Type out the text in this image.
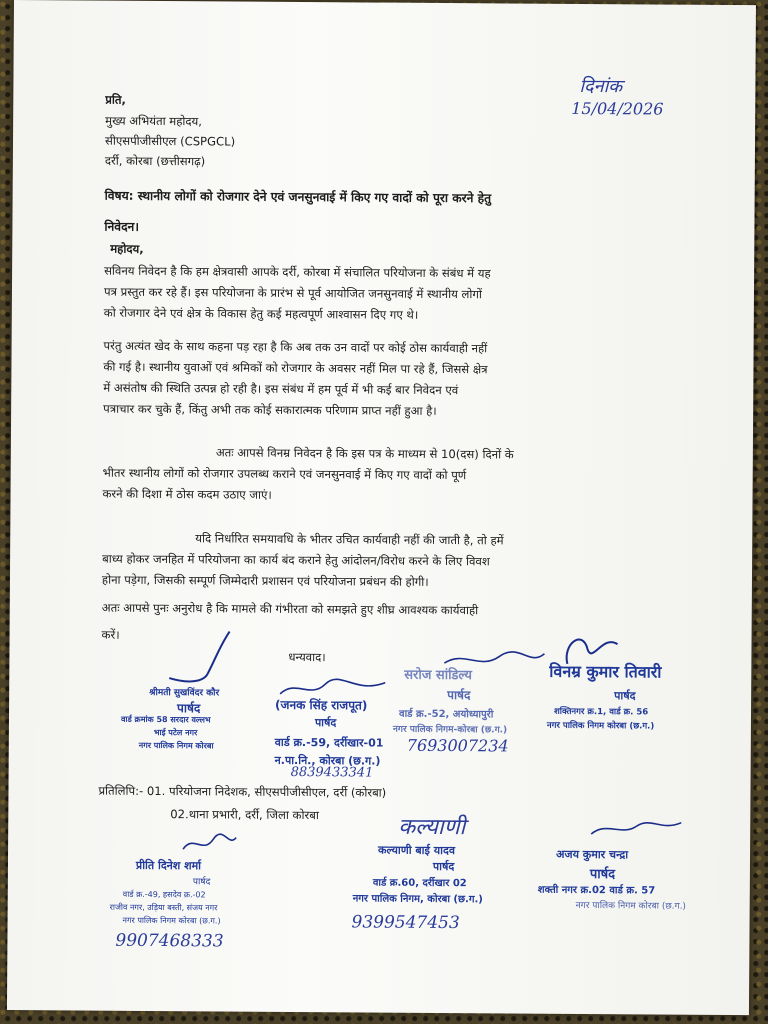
दिनांक
15/04/2026
प्रति,
मुख्य अभियंता महोदय,
सीएसपीजीसीएल (CSPGCL)
दर्री, कोरबा (छत्तीसगढ़)
विषय: स्थानीय लोगों को रोजगार देने एवं जनसुनवाई में किए गए वादों को पूरा करने हेतु
निवेदन।
महोदय,
सविनय निवेदन है कि हम क्षेत्रवासी आपके दर्री, कोरबा में संचालित परियोजना के संबंध में यह
पत्र प्रस्तुत कर रहे हैं। इस परियोजना के प्रारंभ से पूर्व आयोजित जनसुनवाई में स्थानीय लोगों
को रोजगार देने एवं क्षेत्र के विकास हेतु कई महत्वपूर्ण आश्वासन दिए गए थे।
परंतु अत्यंत खेद के साथ कहना पड़ रहा है कि अब तक उन वादों पर कोई ठोस कार्यवाही नहीं
की गई है। स्थानीय युवाओं एवं श्रमिकों को रोजगार के अवसर नहीं मिल पा रहे हैं, जिससे क्षेत्र
में असंतोष की स्थिति उत्पन्न हो रही है। इस संबंध में हम पूर्व में भी कई बार निवेदन एवं
पत्राचार कर चुके हैं, किंतु अभी तक कोई सकारात्मक परिणाम प्राप्त नहीं हुआ है।
अतः आपसे विनम्र निवेदन है कि इस पत्र के माध्यम से 10(दस) दिनों के
भीतर स्थानीय लोगों को रोजगार उपलब्ध कराने एवं जनसुनवाई में किए गए वादों को पूर्ण
करने की दिशा में ठोस कदम उठाए जाएं।
यदि निर्धारित समयावधि के भीतर उचित कार्यवाही नहीं की जाती है, तो हमें
बाध्य होकर जनहित में परियोजना का कार्य बंद कराने हेतु आंदोलन/विरोध करने के लिए विवश
होना पड़ेगा, जिसकी सम्पूर्ण जिम्मेदारी प्रशासन एवं परियोजना प्रबंधन की होगी।
अतः आपसे पुनः अनुरोध है कि मामले की गंभीरता को समझते हुए शीघ्र आवश्यक कार्यवाही
करें।
धन्यवाद।
श्रीमती सुखविंदर कौर
पार्षद
वार्ड क्रमांक 58 सरदार वल्लभ
भाई पटेल नगर
नगर पालिक निगम कोरबा
(जनक सिंह राजपूत)
पार्षद
वार्ड क्र.-59, दर्रीखार-01
न.पा.नि., कोरबा (छ.ग.)
8839433341
सरोज सांडिल्य
पार्षद
वार्ड क्र.-52, अयोध्यापुरी
नगर पालिक निगम-कोरबा (छ.ग.)
7693007234
विनम्र कुमार तिवारी
पार्षद
शक्तिनगर क्र.1, वार्ड क्र. 56
नगर पालिक निगम कोरबा (छ.ग.)
प्रतिलिपि:- 01. परियोजना निदेशक, सीएसपीजीसीएल, दर्री (कोरबा)
02.थाना प्रभारी, दर्री, जिला कोरबा
कल्याणी
प्रीति दिनेश शर्मा
पार्षद
वार्ड क्र.-49, हसदेव क्र.-02
राजीव नगर, उड़िया बस्ती, संजय नगर
नगर पालिक निगम कोरबा (छ.ग.)
9907468333
कल्याणी बाई यादव
पार्षद
वार्ड क्र.60, दर्रीखार 02
नगर पालिक निगम, कोरबा (छ.ग.)
9399547453
अजय कुमार चन्द्रा
पार्षद
शक्ती नगर क्र.02 वार्ड क्र. 57
नगर पालिक निगम कोरबा (छ.ग.)
